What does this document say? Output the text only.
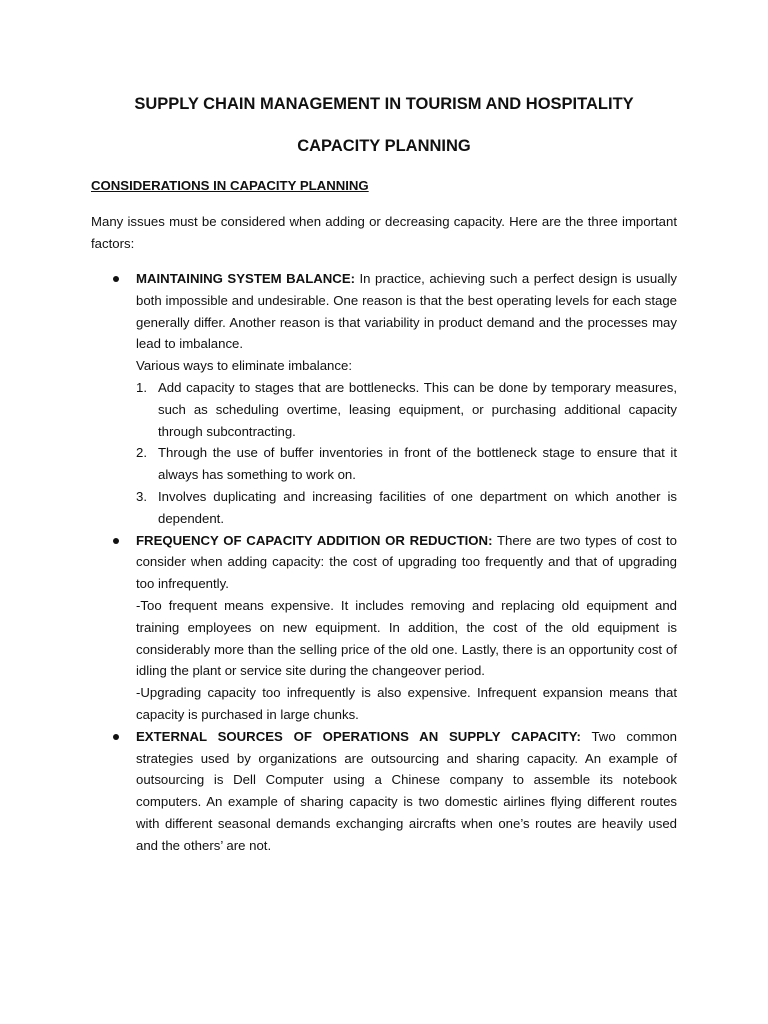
SUPPLY CHAIN MANAGEMENT IN TOURISM AND HOSPITALITY
CAPACITY PLANNING
CONSIDERATIONS IN CAPACITY PLANNING

Many issues must be considered when adding or decreasing capacity. Here are the three important factors:

MAINTAINING SYSTEM BALANCE: In practice, achieving such a perfect design is usually both impossible and undesirable. One reason is that the best operating levels for each stage generally differ. Another reason is that variability in product demand and the processes may lead to imbalance.

Various ways to eliminate imbalance:

1. Add capacity to stages that are bottlenecks. This can be done by temporary measures, such as scheduling overtime, leasing equipment, or purchasing additional capacity through subcontracting.
2. Through the use of buffer inventories in front of the bottleneck stage to ensure that it always has something to work on.
3. Involves duplicating and increasing facilities of one department on which another is dependent.

FREQUENCY OF CAPACITY ADDITION OR REDUCTION: There are two types of cost to consider when adding capacity: the cost of upgrading too frequently and that of upgrading too infrequently.

-Too frequent means expensive. It includes removing and replacing old equipment and training employees on new equipment. In addition, the cost of the old equipment is considerably more than the selling price of the old one. Lastly, there is an opportunity cost of idling the plant or service site during the changeover period.

-Upgrading capacity too infrequently is also expensive. Infrequent expansion means that capacity is purchased in large chunks.

EXTERNAL SOURCES OF OPERATIONS AN SUPPLY CAPACITY: Two common strategies used by organizations are outsourcing and sharing capacity. An example of outsourcing is Dell Computer using a Chinese company to assemble its notebook computers. An example of sharing capacity is two domestic airlines flying different routes with different seasonal demands exchanging aircrafts when one’s routes are heavily used and the others’ are not.
